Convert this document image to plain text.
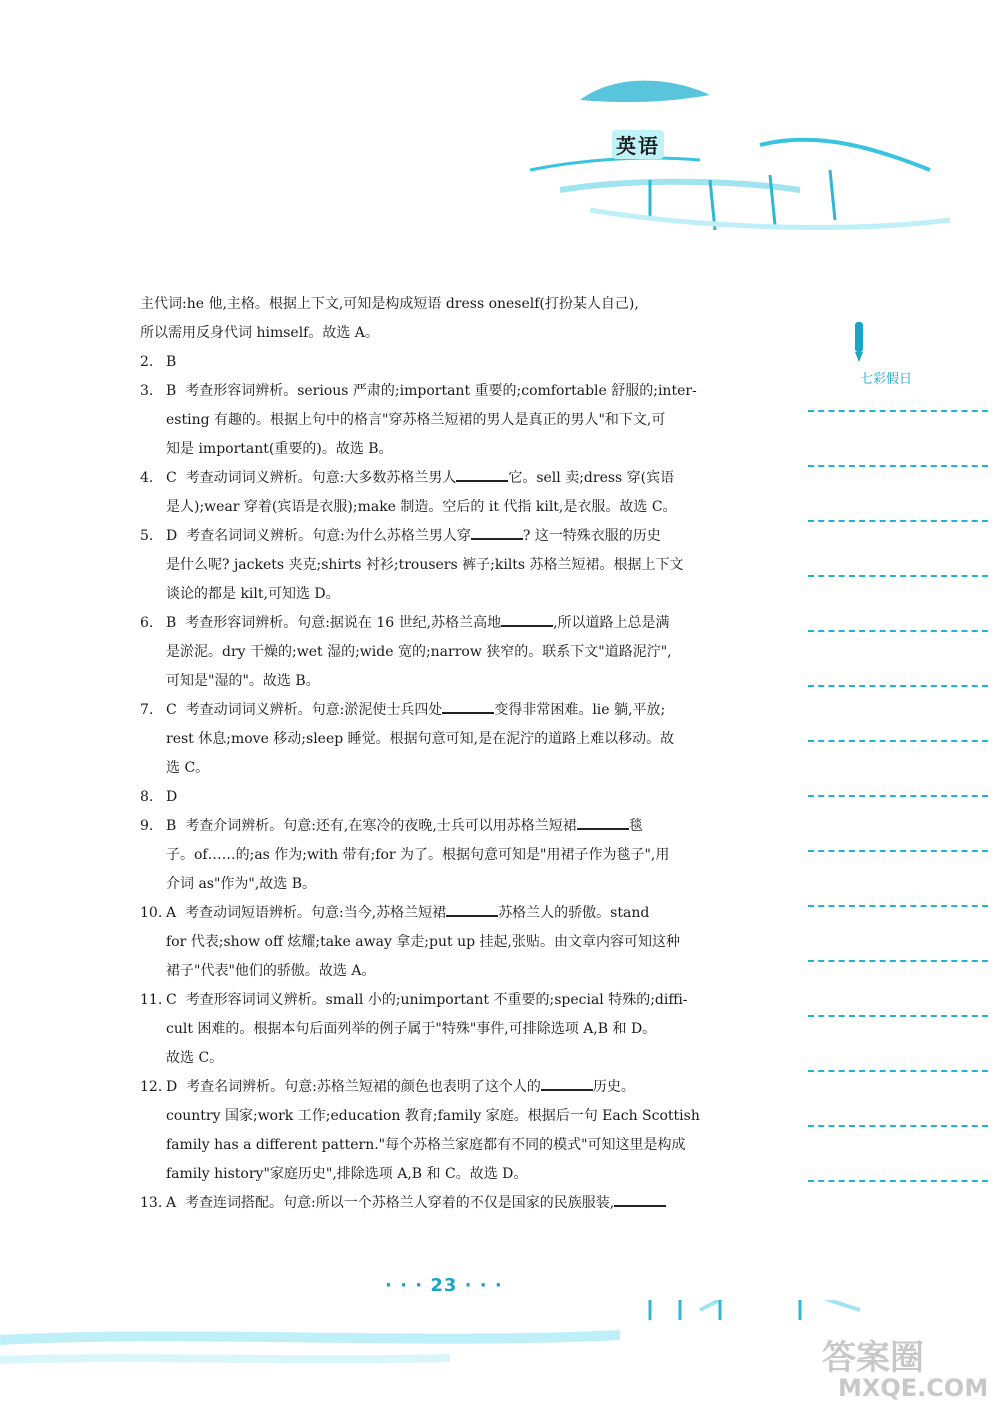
英语
七彩假日
主代词:he 他,主格。根据上下文,可知是构成短语 dress oneself(打扮某人自己),
所以需用反身代词 himself。故选 A。
2. B
3. B  考查形容词辨析。serious 严肃的;important 重要的;comfortable 舒服的;inter-
esting 有趣的。根据上句中的格言"穿苏格兰短裙的男人是真正的男人"和下文,可
知是 important(重要的)。故选 B。
4. C  考查动词词义辨析。句意:大多数苏格兰男人	它。sell 卖;dress 穿(宾语
是人);wear 穿着(宾语是衣服);make 制造。空后的 it 代指 kilt,是衣服。故选 C。
5. D  考查名词词义辨析。句意:为什么苏格兰男人穿	? 这一特殊衣服的历史
是什么呢? jackets 夹克;shirts 衬衫;trousers 裤子;kilts 苏格兰短裙。根据上下文
谈论的都是 kilt,可知选 D。
6. B  考查形容词辨析。句意:据说在 16 世纪,苏格兰高地	,所以道路上总是满
是淤泥。dry 干燥的;wet 湿的;wide 宽的;narrow 狭窄的。联系下文"道路泥泞",
可知是"湿的"。故选 B。
7. C  考查动词词义辨析。句意:淤泥使士兵四处	变得非常困难。lie 躺,平放;
rest 休息;move 移动;sleep 睡觉。根据句意可知,是在泥泞的道路上难以移动。故
选 C。
8. D
9. B  考查介词辨析。句意:还有,在寒冷的夜晚,士兵可以用苏格兰短裙	毯
子。of……的;as 作为;with 带有;for 为了。根据句意可知是"用裙子作为毯子",用
介词 as"作为",故选 B。
10. A  考查动词短语辨析。句意:当今,苏格兰短裙	苏格兰人的骄傲。stand
for 代表;show off 炫耀;take away 拿走;put up 挂起,张贴。由文章内容可知这种
裙子"代表"他们的骄傲。故选 A。
11. C  考查形容词词义辨析。small 小的;unimportant 不重要的;special 特殊的;diffi-
cult 困难的。根据本句后面列举的例子属于"特殊"事件,可排除选项 A,B 和 D。
故选 C。
12. D  考查名词辨析。句意:苏格兰短裙的颜色也表明了这个人的	历史。
country 国家;work 工作;education 教育;family 家庭。根据后一句 Each Scottish
family has a different pattern."每个苏格兰家庭都有不同的模式"可知这里是构成
family history"家庭历史",排除选项 A,B 和 C。故选 D。
13. A  考查连词搭配。句意:所以一个苏格兰人穿着的不仅是国家的民族服装,
· · · 23 · · ·
答案圈
MXQE.COM
